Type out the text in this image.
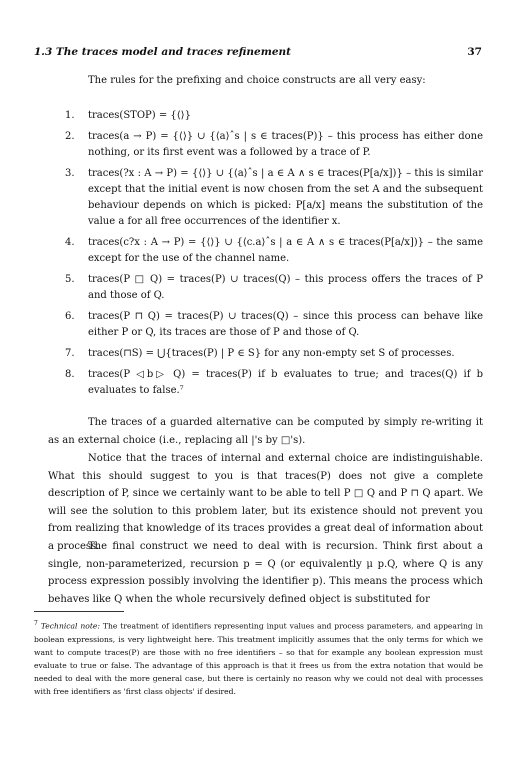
1.3 The traces model and traces refinement	37
The rules for the prefixing and choice constructs are all very easy:
1.	traces(STOP) = {⟨⟩}
2.	traces(a → P) = {⟨⟩} ∪ {⟨a⟩ˆs | s ∈ traces(P)} – this process has either done nothing, or its first event was a followed by a trace of P.
3.	traces(?x : A → P) = {⟨⟩} ∪ {⟨a⟩ˆs | a ∈ A ∧ s ∈ traces(P[a/x])} – this is similar except that the initial event is now chosen from the set A and the subsequent behaviour depends on which is picked: P[a/x] means the substitution of the value a for all free occurrences of the identifier x.
4.	traces(c?x : A → P) = {⟨⟩} ∪ {⟨c.a⟩ˆs | a ∈ A ∧ s ∈ traces(P[a/x])} – the same except for the use of the channel name.
5.	traces(P □ Q) = traces(P) ∪ traces(Q) – this process offers the traces of P and those of Q.
6.	traces(P ⊓ Q) = traces(P) ∪ traces(Q) – since this process can behave like either P or Q, its traces are those of P and those of Q.
7.	traces(⊓S) = ⋃{traces(P) | P ∈ S} for any non-empty set S of processes.
8.	traces(P ◁b▷ Q) = traces(P) if b evaluates to true; and traces(Q) if b evaluates to false.⁷
The traces of a guarded alternative can be computed by simply re-writing it as an external choice (i.e., replacing all |'s by □'s).
Notice that the traces of internal and external choice are indistinguishable. What this should suggest to you is that traces(P) does not give a complete description of P, since we certainly want to be able to tell P □ Q and P ⊓ Q apart. We will see the solution to this problem later, but its existence should not prevent you from realizing that knowledge of its traces provides a great deal of information about a process.
The final construct we need to deal with is recursion. Think first about a single, non-parameterized, recursion p = Q (or equivalently μ p.Q, where Q is any process expression possibly involving the identifier p). This means the process which behaves like Q when the whole recursively defined object is substituted for
$^7$ Technical note: The treatment of identifiers representing input values and process parameters, and appearing in boolean expressions, is very lightweight here. This treatment implicitly assumes that the only terms for which we want to compute traces(P) are those with no free identifiers – so that for example any boolean expression must evaluate to true or false. The advantage of this approach is that it frees us from the extra notation that would be needed to deal with the more general case, but there is certainly no reason why we could not deal with processes with free identifiers as 'first class objects' if desired.
